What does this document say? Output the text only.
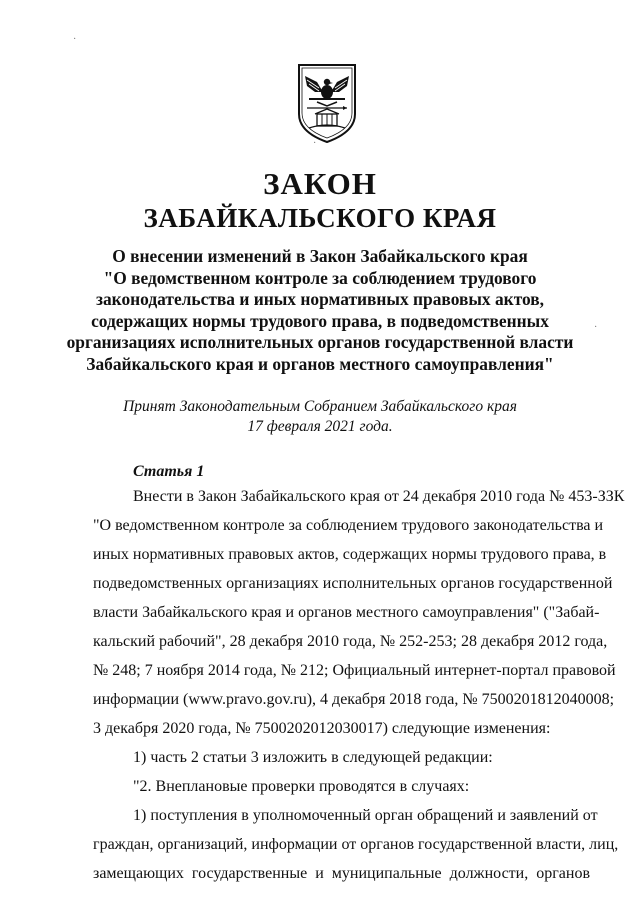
·
·
·
ЗАКОН
ЗАБАЙКАЛЬСКОГО КРАЯ
О внесении изменений в Закон Забайкальского края
"О ведомственном контроле за соблюдением трудового
законодательства и иных нормативных правовых актов,
содержащих нормы трудового права, в подведомственных
организациях исполнительных органов государственной власти
Забайкальского края и органов местного самоуправления"
Принят Законодательным Собранием Забайкальского края
17 февраля 2021 года.
Статья 1
Внести в Закон Забайкальского края от 24 декабря 2010 года № 453-ЗЗК
"О ведомственном контроле за соблюдением трудового законодательства и
иных нормативных правовых актов, содержащих нормы трудового права, в
подведомственных организациях исполнительных органов государственной
власти Забайкальского края и органов местного самоуправления" ("Забай-
кальский рабочий", 28 декабря 2010 года, № 252-253; 28 декабря 2012 года,
№ 248; 7 ноября 2014 года, № 212; Официальный интернет-портал правовой
информации (www.pravo.gov.ru), 4 декабря 2018 года, № 7500201812040008;
3 декабря 2020 года, № 7500202012030017) следующие изменения:
1) часть 2 статьи 3 изложить в следующей редакции:
"2. Внеплановые проверки проводятся в случаях:
1) поступления в уполномоченный орган обращений и заявлений от
граждан, организаций, информации от органов государственной власти, лиц,
замещающих государственные и муниципальные должности, органов
